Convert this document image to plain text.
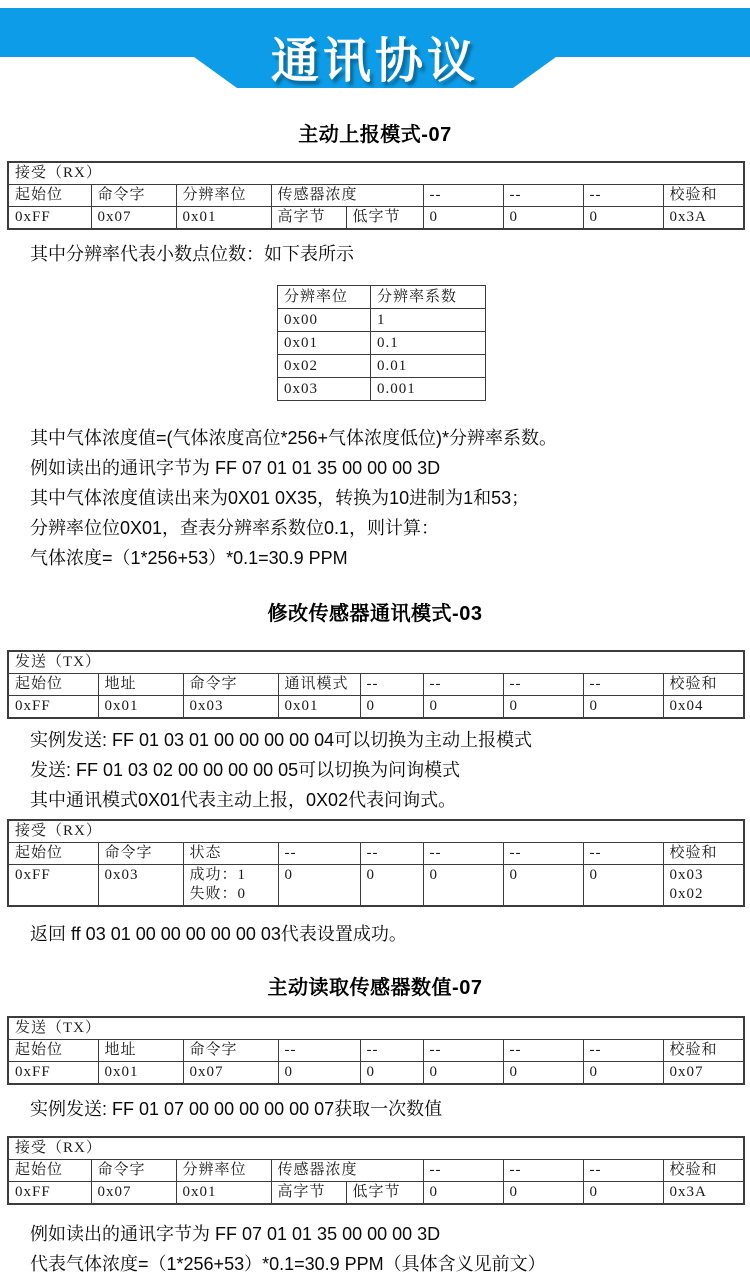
通讯协议
主动上报模式-07
接受（RX）								
起始位	命令字	分辨率位	传感器浓度		--	--	--	校验和
0xFF	0x07	0x01	高字节	低字节	0	0	0	0x3A

其中分辨率代表小数点位数：如下表所示

分辨率位	分辨率系数
0x00	1
0x01	0.1
0x02	0.01
0x03	0.001

其中气体浓度值=(气体浓度高位*256+气体浓度低位)*分辨率系数。

例如读出的通讯字节为 FF 07 01 01 35 00 00 00 3D

其中气体浓度值读出来为0X01 0X35，转换为10进制为1和53；

分辨率位位0X01，查表分辨率系数位0.1，则计算：

气体浓度=（1*256+53）*0.1=30.9 PPM

修改传感器通讯模式-03
发送（TX）								
起始位	地址	命令字	通讯模式	--	--	--	--	校验和
0xFF	0x01	0x03	0x01	0	0	0	0	0x04

实例发送: FF 01 03 01 00 00 00 00 04可以切换为主动上报模式

发送: FF 01 03 02 00 00 00 00 05可以切换为问询模式

其中通讯模式0X01代表主动上报，0X02代表问询式。

接受（RX）								
起始位	命令字	状态	--	--	--	--	--	校验和
0xFF	0x03	成功：1
失败：0
	0	0	0	0	0	0x03
0x02

返回 ff 03 01 00 00 00 00 00 03代表设置成功。

主动读取传感器数值-07
发送（TX）								
起始位	地址	命令字	--	--	--	--	--	校验和
0xFF	0x01	0x07	0	0	0	0	0	0x07

实例发送: FF 01 07 00 00 00 00 00 07获取一次数值

接受（RX）								
起始位	命令字	分辨率位	传感器浓度		--	--	--	校验和
0xFF	0x07	0x01	高字节	低字节	0	0	0	0x3A

例如读出的通讯字节为 FF 07 01 01 35 00 00 00 3D

代表气体浓度=（1*256+53）*0.1=30.9 PPM（具体含义见前文）
